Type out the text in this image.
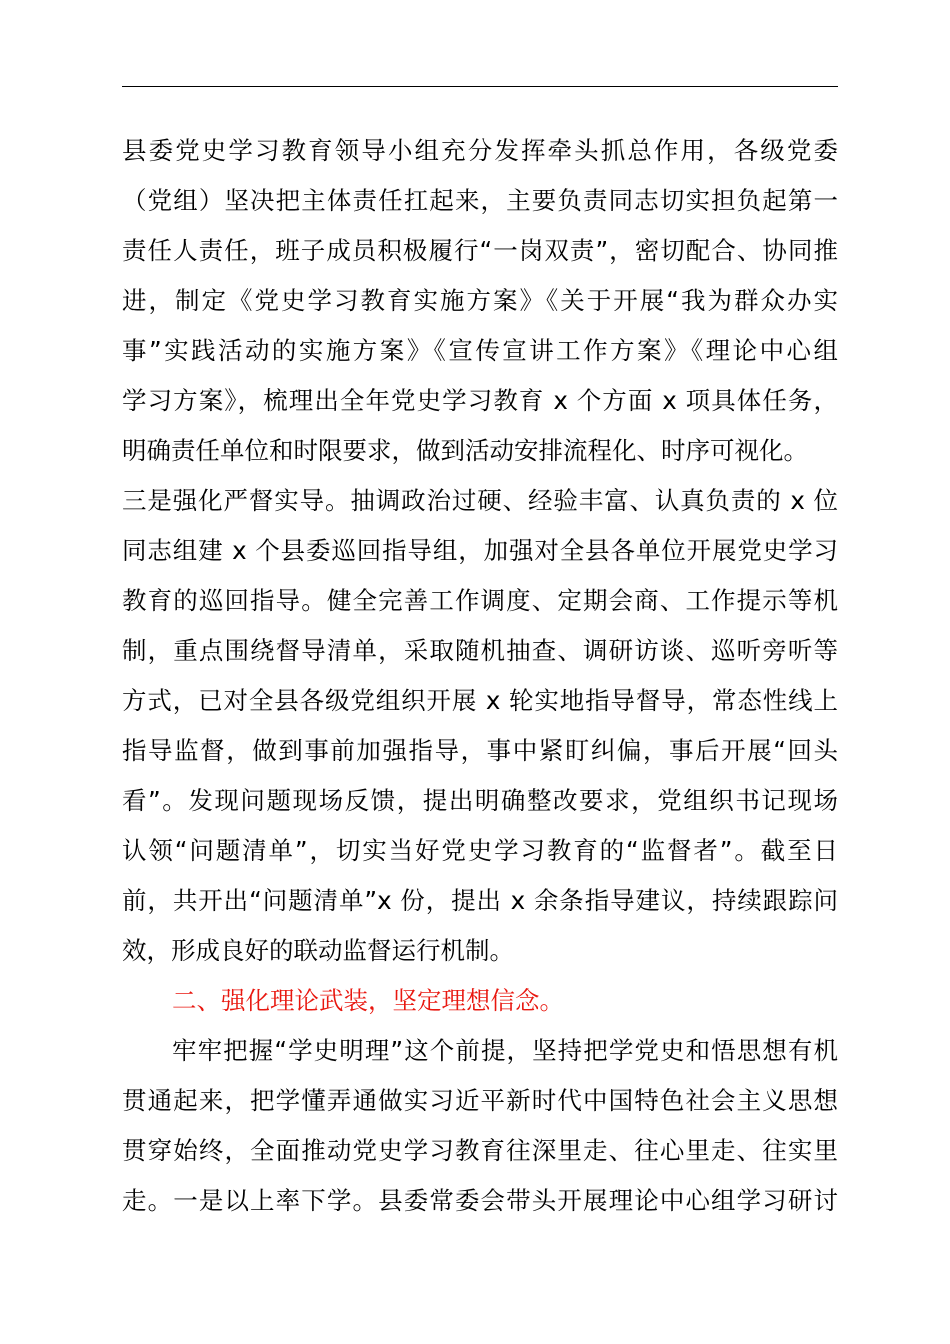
县委党史学习教育领导小组充分发挥牵头抓总作用，各级党委
（党组）坚决把主体责任扛起来，主要负责同志切实担负起第一
责任人责任，班子成员积极履行“一岗双责”，密切配合、协同推
进，制定《党史学习教育实施方案》《关于开展“我为群众办实
事”实践活动的实施方案》《宣传宣讲工作方案》《理论中心组
学习方案》，梳理出全年党史学习教育 x 个方面 x 项具体任务，
明确责任单位和时限要求，做到活动安排流程化、时序可视化。
三是强化严督实导。抽调政治过硬、经验丰富、认真负责的 x 位
同志组建 x 个县委巡回指导组，加强对全县各单位开展党史学习
教育的巡回指导。健全完善工作调度、定期会商、工作提示等机
制，重点围绕督导清单，采取随机抽查、调研访谈、巡听旁听等
方式，已对全县各级党组织开展 x 轮实地指导督导，常态性线上
指导监督，做到事前加强指导，事中紧盯纠偏，事后开展“回头
看”。发现问题现场反馈，提出明确整改要求，党组织书记现场
认领“问题清单”，切实当好党史学习教育的“监督者”。截至日
前，共开出“问题清单”x 份，提出 x 余条指导建议，持续跟踪问
效，形成良好的联动监督运行机制。
二、强化理论武装，坚定理想信念。
牢牢把握“学史明理”这个前提，坚持把学党史和悟思想有机
贯通起来，把学懂弄通做实习近平新时代中国特色社会主义思想
贯穿始终，全面推动党史学习教育往深里走、往心里走、往实里
走。一是以上率下学。县委常委会带头开展理论中心组学习研讨
